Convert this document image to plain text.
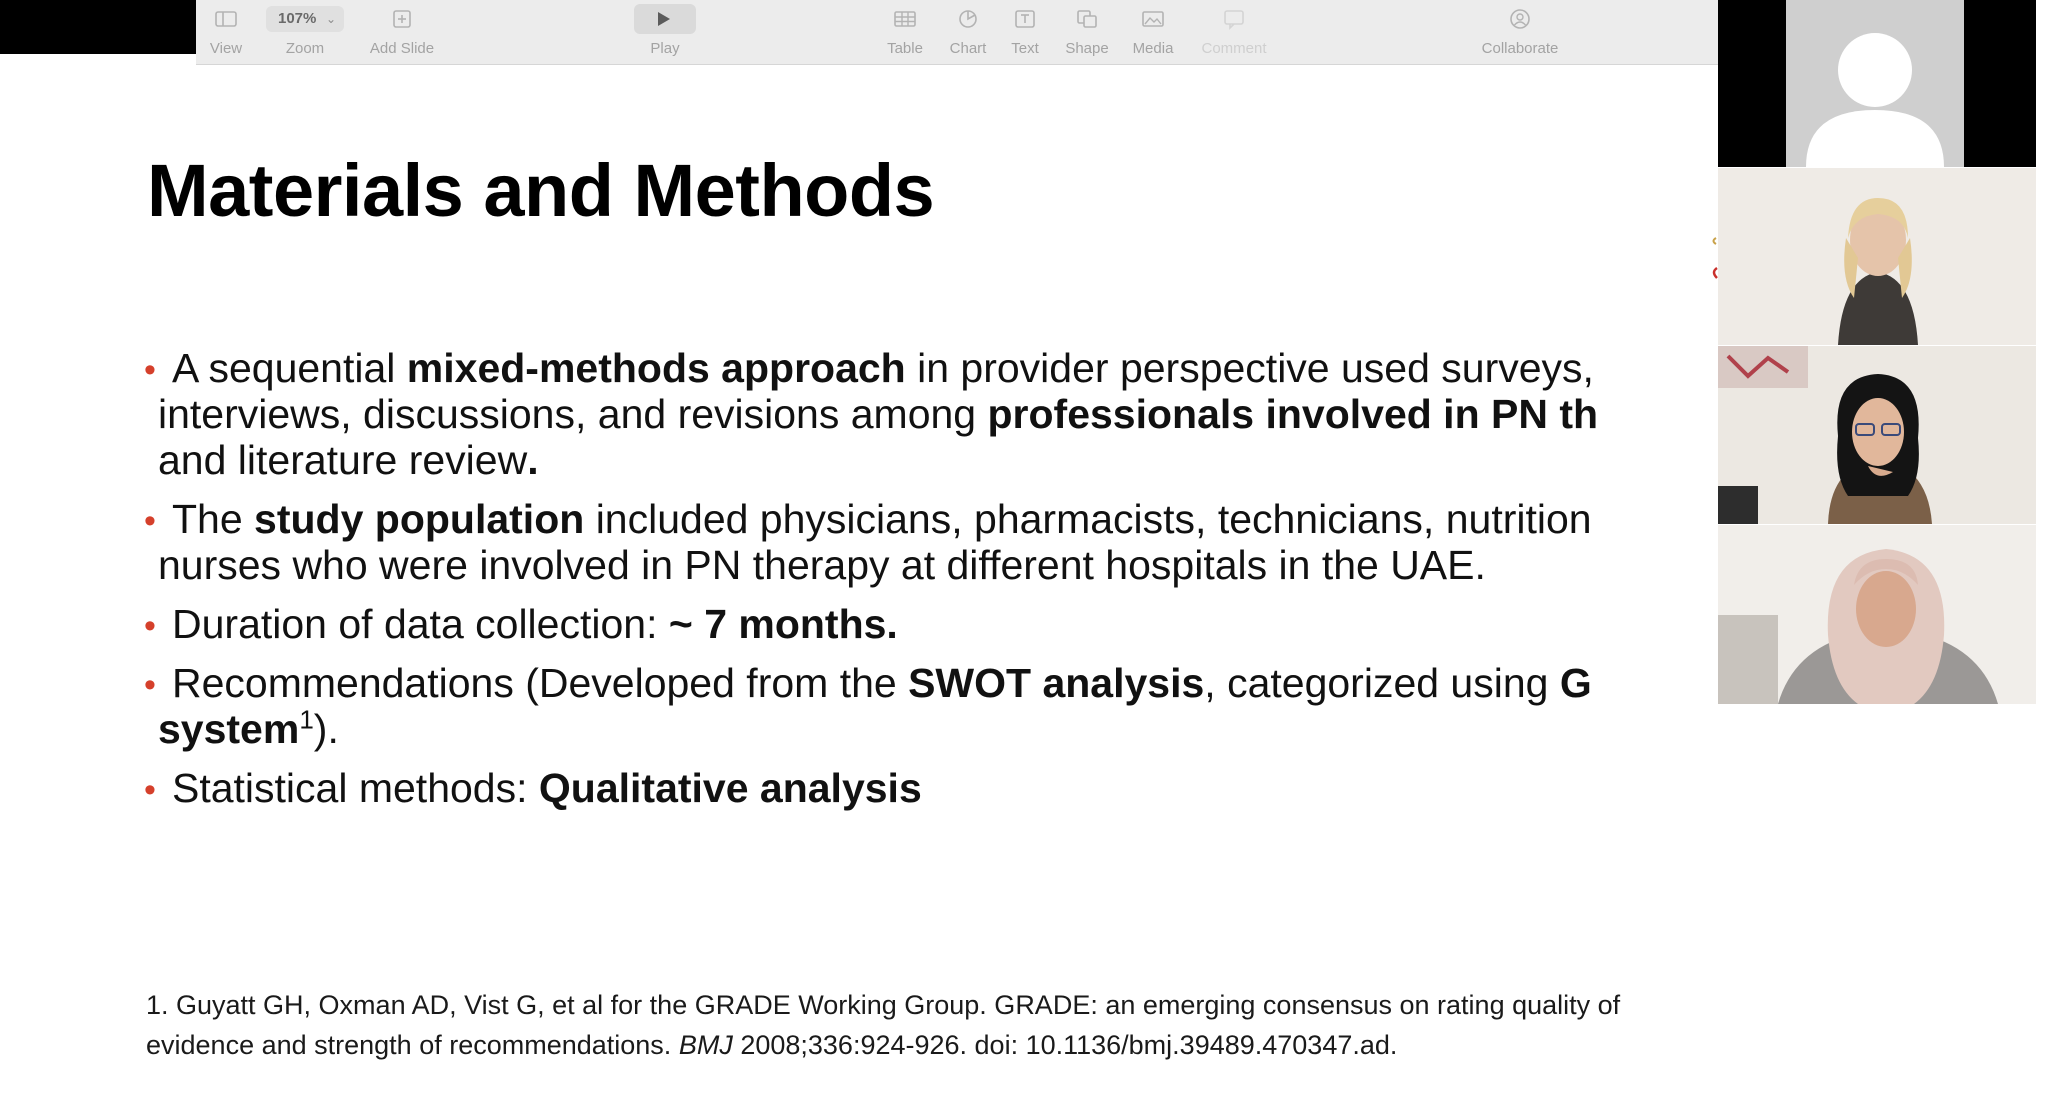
View
107% ⌄
Zoom	Add Slide	Play	Table	Chart	Text	Shape	Media	Comment	Collaborate
Materials and Methods
• A sequential mixed-methods approach in provider perspective used surveys,
interviews, discussions, and revisions among professionals involved in PN th
and literature review.
• The study population included physicians, pharmacists, technicians, nutrition
nurses who were involved in PN therapy at different hospitals in the UAE.
• Duration of data collection: ~ 7 months.
• Recommendations (Developed from the SWOT analysis, categorized using G
system$^1$).
• Statistical methods: Qualitative analysis
1. Guyatt GH, Oxman AD, Vist G, et al for the GRADE Working Group. GRADE: an emerging consensus on rating quality of
evidence and strength of recommendations. BMJ 2008;336:924-926. doi: 10.1136/bmj.39489.470347.ad.
